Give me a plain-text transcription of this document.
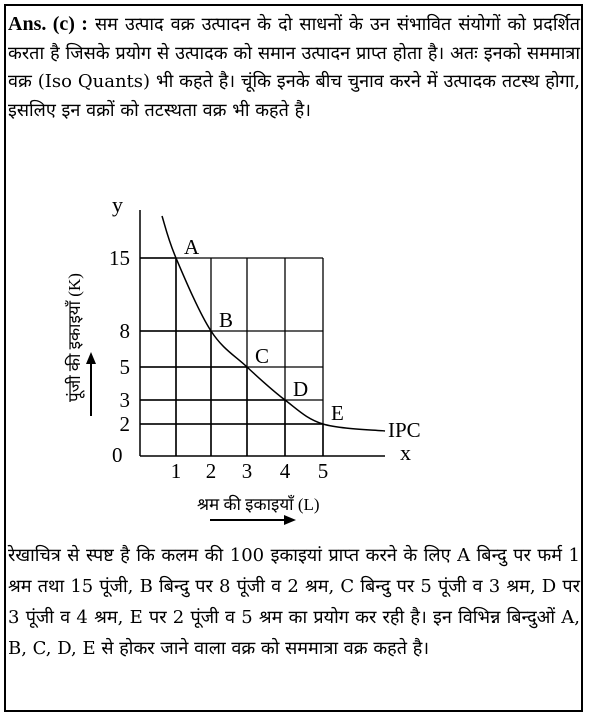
Ans. (c) : सम उत्पाद वक्र उत्पादन के दो साधनों के उन संभावित संयोगों को प्रदर्शित करता है जिसके प्रयोग से उत्पादक को समान उत्पादन प्राप्त होता है। अतः इनको सममात्रा वक्र (Iso Quants) भी कहते है। चूंकि इनके बीच चुनाव करने में उत्पादक तटस्थ होगा, इसलिए इन वक्रों को तटस्थता वक्र भी कहते है।

1 2 3 4 5
2
3
5
8
15	A
B
C
D
E
y
x
0
IPC
पूंजी की इकाइयाँ (K)
श्रम की इकाइयाँ (L)

रेखाचित्र से स्पष्ट है कि कलम की 100 इकाइयां प्राप्त करने के लिए A बिन्दु पर फर्म 1 श्रम तथा 15 पूंजी, B बिन्दु पर 8 पूंजी व 2 श्रम, C बिन्दु पर 5 पूंजी व 3 श्रम, D पर 3 पूंजी व 4 श्रम, E पर 2 पूंजी व 5 श्रम का प्रयोग कर रही है। इन विभिन्न बिन्दुओं A, B, C, D, E से होकर जाने वाला वक्र को सममात्रा वक्र कहते है।
